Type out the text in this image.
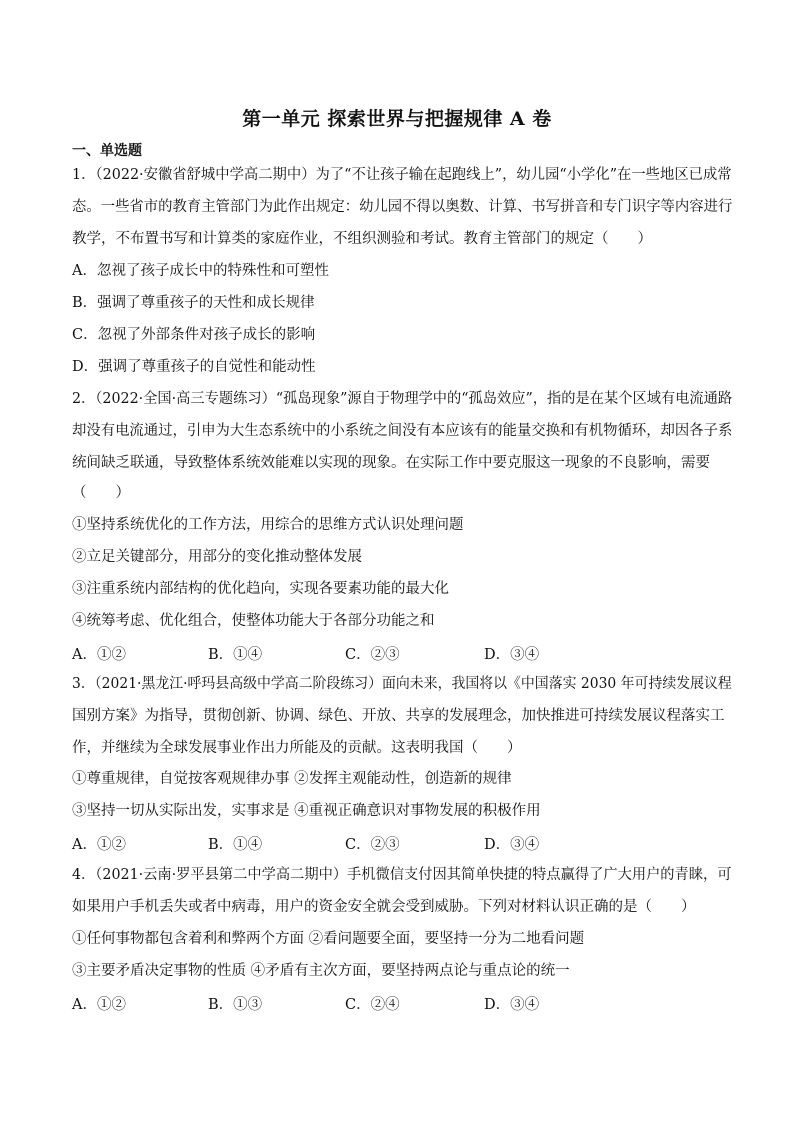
第一单元 探索世界与把握规律 A 卷
一、单选题
1．（2022·安徽省舒城中学高二期中）为了“不让孩子输在起跑线上”，幼儿园“小学化”在一些地区已成常
态。一些省市的教育主管部门为此作出规定：幼儿园不得以奥数、计算、书写拼音和专门识字等内容进行
教学，不布置书写和计算类的家庭作业，不组织测验和考试。教育主管部门的规定（　　）
A．忽视了孩子成长中的特殊性和可塑性
B．强调了尊重孩子的天性和成长规律
C．忽视了外部条件对孩子成长的影响
D．强调了尊重孩子的自觉性和能动性
2．（2022·全国·高三专题练习）“孤岛现象”源自于物理学中的“孤岛效应”，指的是在某个区域有电流通路
却没有电流通过，引申为大生态系统中的小系统之间没有本应该有的能量交换和有机物循环，却因各子系
统间缺乏联通，导致整体系统效能难以实现的现象。在实际工作中要克服这一现象的不良影响，需要
（　　）
①坚持系统优化的工作方法，用综合的思维方式认识处理问题
②立足关键部分，用部分的变化推动整体发展
③注重系统内部结构的优化趋向，实现各要素功能的最大化
④统筹考虑、优化组合，使整体功能大于各部分功能之和
A．①②	B．①④	C．②③	D．③④
3．（2021·黑龙江·呼玛县高级中学高二阶段练习）面向未来，我国将以《中国落实 2030 年可持续发展议程
国别方案》为指导，贯彻创新、协调、绿色、开放、共享的发展理念，加快推进可持续发展议程落实工
作，并继续为全球发展事业作出力所能及的贡献。这表明我国（　　）
①尊重规律，自觉按客观规律办事 ②发挥主观能动性，创造新的规律
③坚持一切从实际出发，实事求是 ④重视正确意识对事物发展的积极作用
A．①②	B．①④	C．②③	D．③④
4．（2021·云南·罗平县第二中学高二期中）手机微信支付因其简单快捷的特点赢得了广大用户的青睐，可
如果用户手机丢失或者中病毒，用户的资金安全就会受到威胁。下列对材料认识正确的是（　　）
①任何事物都包含着利和弊两个方面 ②看问题要全面，要坚持一分为二地看问题
③主要矛盾决定事物的性质 ④矛盾有主次方面，要坚持两点论与重点论的统一
A．①②	B．①③	C．②④	D．③④
